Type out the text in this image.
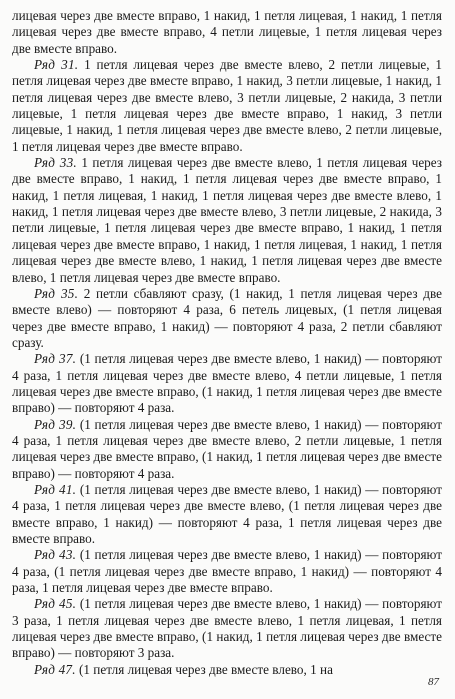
лицевая через две вместе вправо, 1 накид, 1 петля лицевая, 1 накид, 1 петля лицевая через две вместе вправо, 4 петли лицевые, 1 петля лицевая через две вместе вправо.

Ряд 31. 1 петля лицевая через две вместе влево, 2 петли лицевые, 1 петля лицевая через две вместе вправо, 1 накид, 3 петли лицевые, 1 накид, 1 петля лицевая через две вместе влево, 3 петли лицевые, 2 накида, 3 петли лицевые, 1 петля лицевая через две вместе вправо, 1 накид, 3 петли лицевые, 1 накид, 1 петля лицевая через две вместе влево, 2 петли лицевые, 1 петля лицевая через две вместе вправо.

Ряд 33. 1 петля лицевая через две вместе влево, 1 петля лицевая через две вместе вправо, 1 накид, 1 петля лицевая через две вместе вправо, 1 накид, 1 петля лицевая, 1 накид, 1 петля лицевая через две вместе влево, 1 накид, 1 петля лицевая через две вместе влево, 3 петли лицевые, 2 накида, 3 петли лицевые, 1 петля лицевая через две вместе вправо, 1 накид, 1 петля лицевая через две вместе вправо, 1 накид, 1 петля лицевая, 1 накид, 1 петля лицевая через две вместе влево, 1 накид, 1 петля лицевая через две вместе влево, 1 петля лицевая через две вместе вправо.

Ряд 35. 2 петли сбавляют сразу, (1 накид, 1 петля лицевая через две вместе влево) — повторяют 4 раза, 6 петель лицевых, (1 петля лицевая через две вместе вправо, 1 накид) — повторяют 4 раза, 2 петли сбавляют сразу.

Ряд 37. (1 петля лицевая через две вместе влево, 1 накид) — повторяют 4 раза, 1 петля лицевая через две вместе влево, 4 петли лицевые, 1 петля лицевая через две вместе вправо, (1 накид, 1 петля лицевая через две вместе вправо) — повторяют 4 раза.

Ряд 39. (1 петля лицевая через две вместе влево, 1 накид) — повторяют 4 раза, 1 петля лицевая через две вместе влево, 2 петли лицевые, 1 петля лицевая через две вместе вправо, (1 накид, 1 петля лицевая через две вместе вправо) — повторяют 4 раза.

Ряд 41. (1 петля лицевая через две вместе влево, 1 накид) — повторяют 4 раза, 1 петля лицевая через две вместе влево, (1 петля лицевая через две вместе вправо, 1 накид) — повторяют 4 раза, 1 петля лицевая через две вместе вправо.

Ряд 43. (1 петля лицевая через две вместе влево, 1 накид) — повторяют 4 раза, (1 петля лицевая через две вместе вправо, 1 накид) — повторяют 4 раза, 1 петля лицевая через две вместе вправо.

Ряд 45. (1 петля лицевая через две вместе влево, 1 накид) — повторяют 3 раза, 1 петля лицевая через две вместе влево, 1 петля лицевая, 1 петля лицевая через две вместе вправо, (1 накид, 1 петля лицевая через две вместе вправо) — повторяют 3 раза.

Ряд 47. (1 петля лицевая через две вместе влево, 1 на

87
